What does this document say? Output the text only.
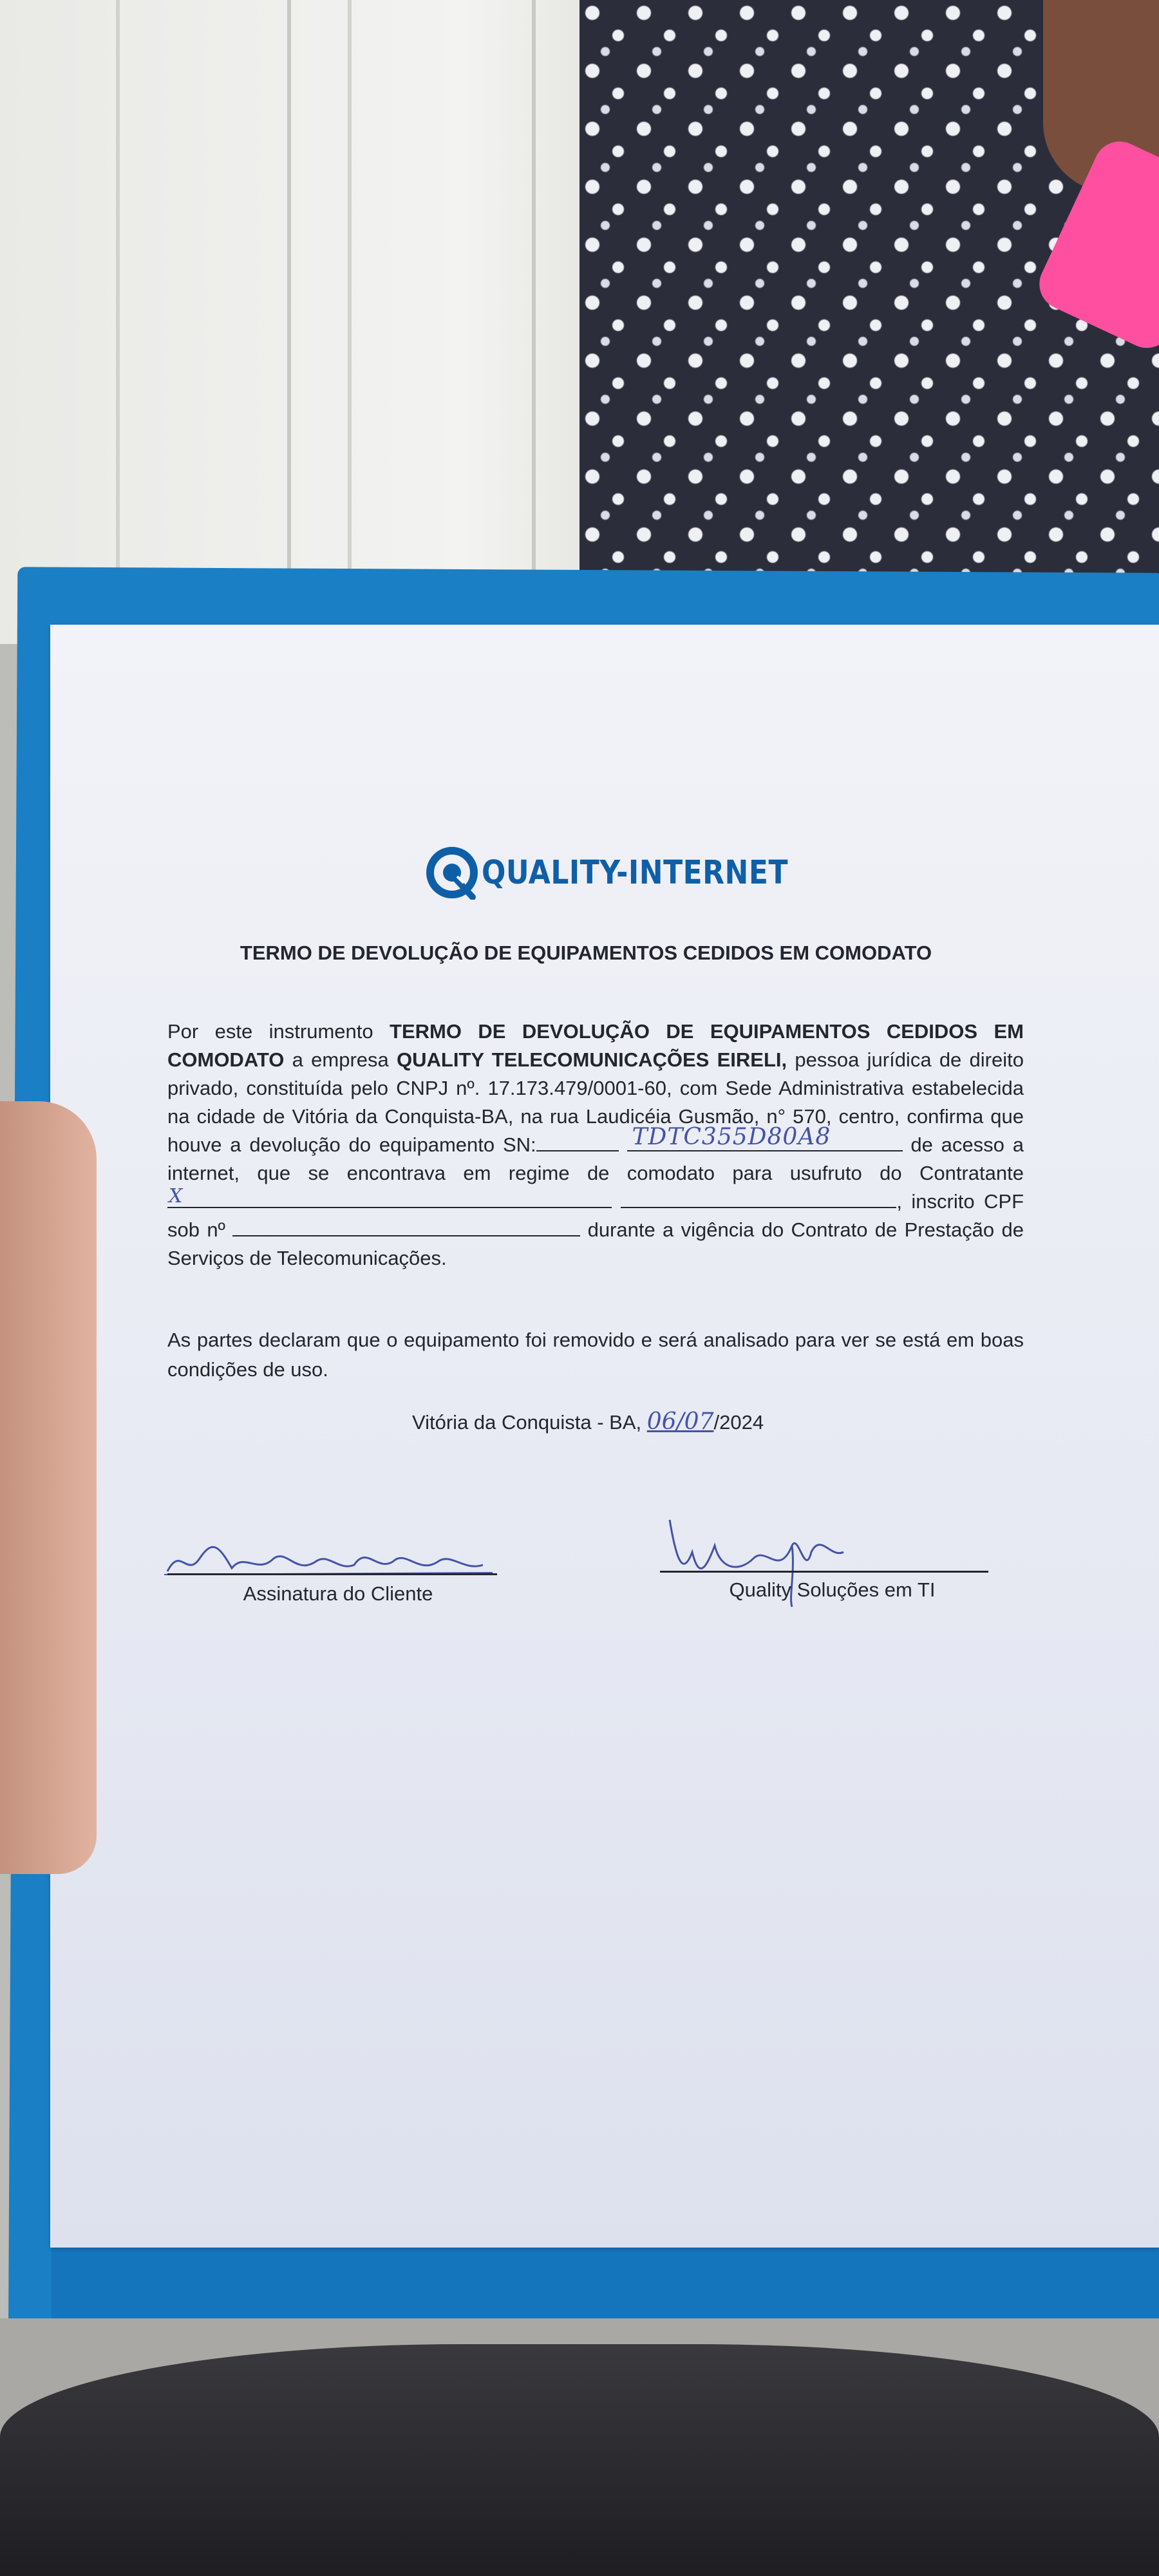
QUALITY-INTERNET
TERMO DE DEVOLUÇÃO DE EQUIPAMENTOS CEDIDOS EM COMODATO

Por este instrumento TERMO DE DEVOLUÇÃO DE EQUIPAMENTOS CEDIDOS EM COMODATO a empresa QUALITY TELECOMUNICAÇÕES EIRELI, pessoa jurídica de direito privado, constituída pelo CNPJ nº. 17.173.479/0001-60, com Sede Administrativa estabelecida na cidade de Vitória da Conquista-BA, na rua Laudicéia Gusmão, n° 570, centro, confirma que houve a devolução do equipamento SN:	TDTC355D80A8	de acesso a internet, que se encontrava em regime de comodato para usufruto do Contratante
X	, inscrito CPF sob nº	durante a vigência do Contrato de Prestação de Serviços de Telecomunicações.

As partes declaram que o equipamento foi removido e será analisado para ver se está em boas condições de uso.
Vitória da Conquista - BA, 06/07/2024
Assinatura do Cliente	Quality Soluções em TI
